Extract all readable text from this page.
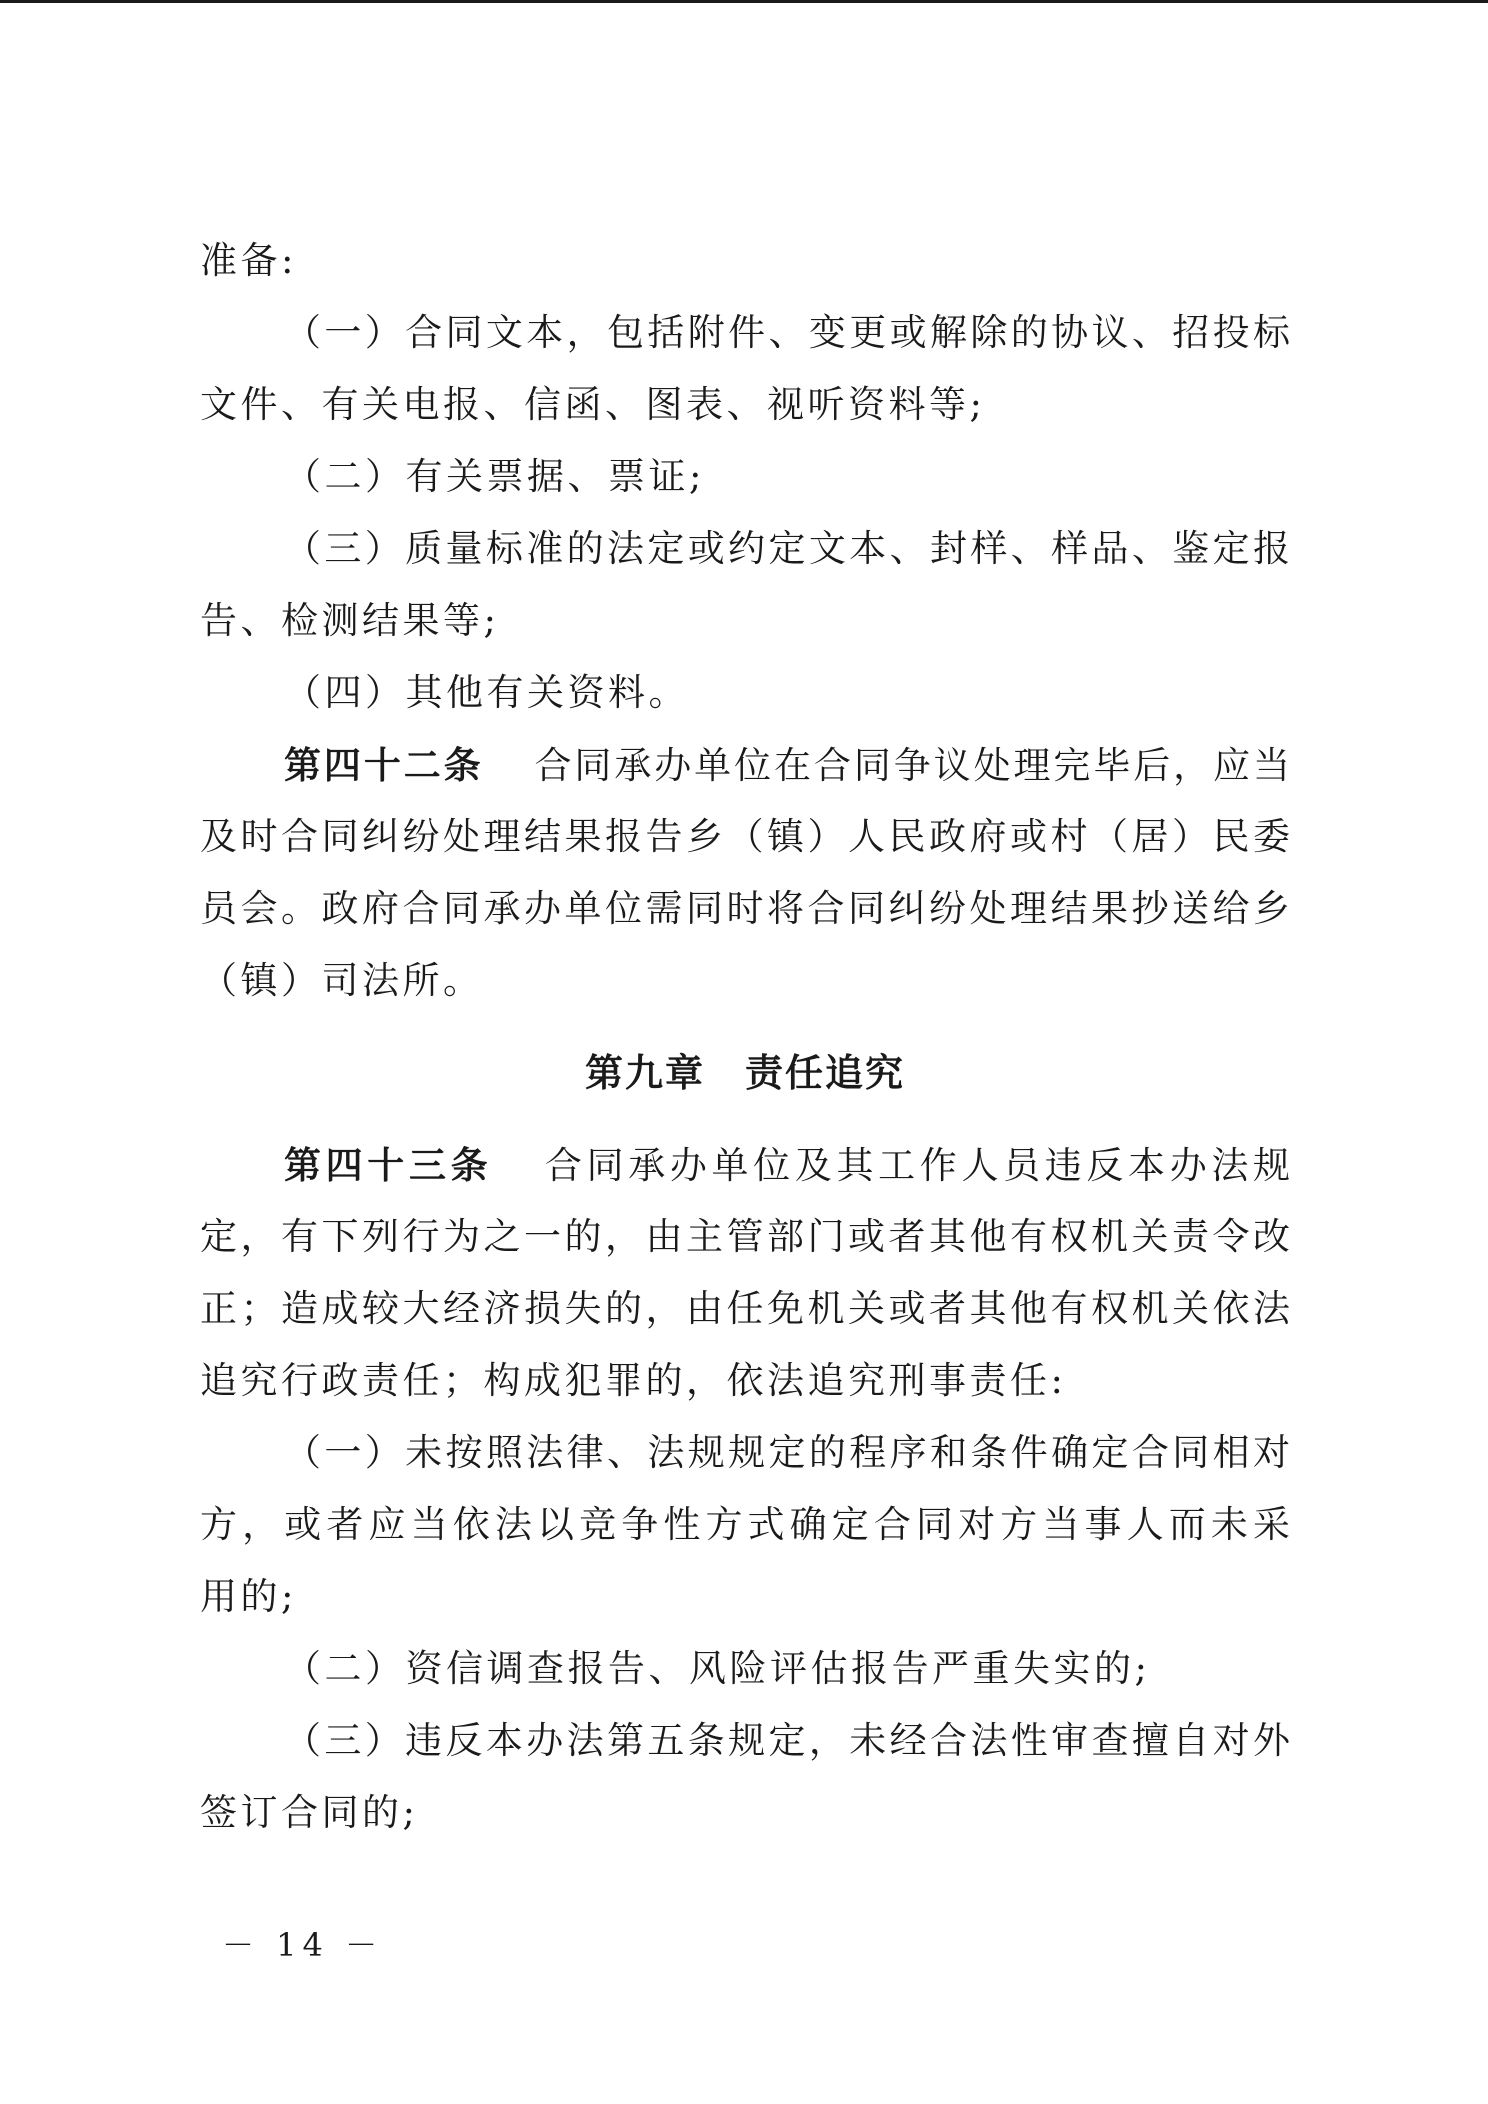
准备:
（一）合同文本，包括附件、变更或解除的协议、招投标
文件、有关电报、信函、图表、视听资料等;
（二）有关票据、票证;
（三）质量标准的法定或约定文本、封样、样品、鉴定报
告、检测结果等;
（四）其他有关资料。
第四十二条 合同承办单位在合同争议处理完毕后，应当
及时合同纠纷处理结果报告乡（镇）人民政府或村（居）民委
员会。政府合同承办单位需同时将合同纠纷处理结果抄送给乡
（镇）司法所。
第九章 责任追究
第四十三条 合同承办单位及其工作人员违反本办法规
定，有下列行为之一的，由主管部门或者其他有权机关责令改
正；造成较大经济损失的，由任免机关或者其他有权机关依法
追究行政责任；构成犯罪的，依法追究刑事责任:
（一）未按照法律、法规规定的程序和条件确定合同相对
方，或者应当依法以竞争性方式确定合同对方当事人而未采
用的;
（二）资信调查报告、风险评估报告严重失实的;
（三）违反本办法第五条规定，未经合法性审查擅自对外
签订合同的;
－ 14 －
